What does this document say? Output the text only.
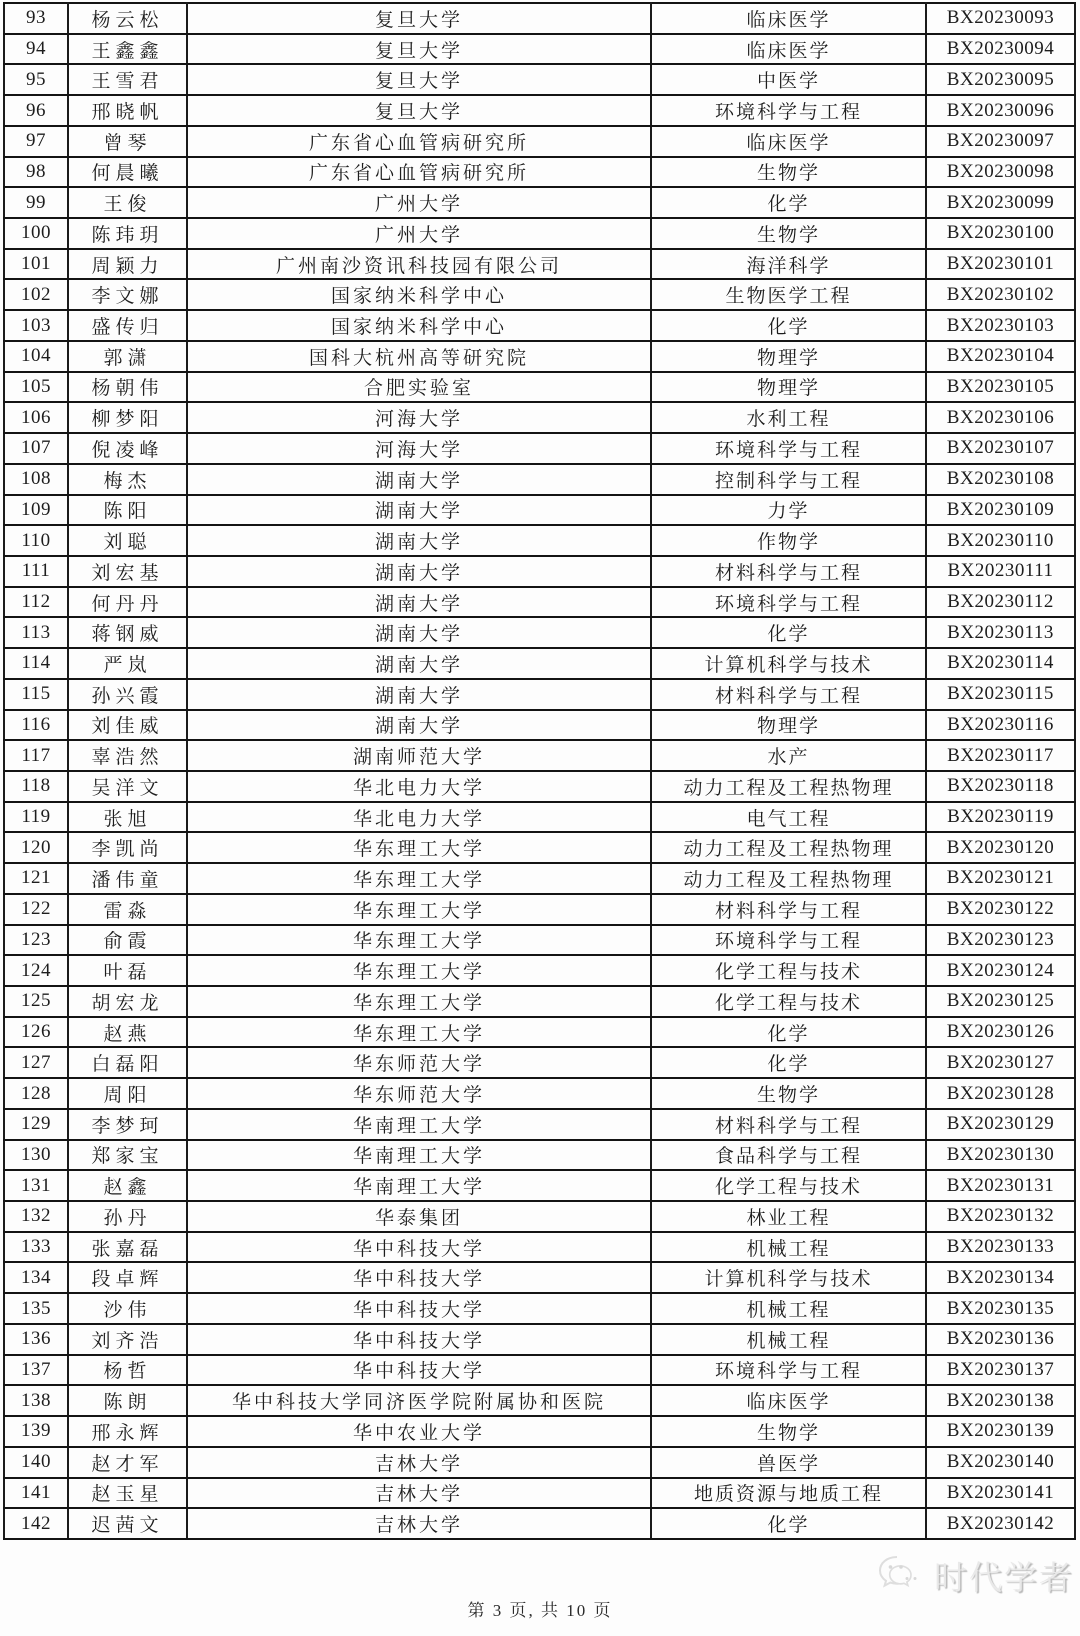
93	杨云松	复旦大学	临床医学	BX20230093
94	王鑫鑫	复旦大学	临床医学	BX20230094
95	王雪君	复旦大学	中医学	BX20230095
96	邢晓帆	复旦大学	环境科学与工程	BX20230096
97	曾琴	广东省心血管病研究所	临床医学	BX20230097
98	何晨曦	广东省心血管病研究所	生物学	BX20230098
99	王俊	广州大学	化学	BX20230099
100	陈玮玥	广州大学	生物学	BX20230100
101	周颖力	广州南沙资讯科技园有限公司	海洋科学	BX20230101
102	李文娜	国家纳米科学中心	生物医学工程	BX20230102
103	盛传归	国家纳米科学中心	化学	BX20230103
104	郭潇	国科大杭州高等研究院	物理学	BX20230104
105	杨朝伟	合肥实验室	物理学	BX20230105
106	柳梦阳	河海大学	水利工程	BX20230106
107	倪凌峰	河海大学	环境科学与工程	BX20230107
108	梅杰	湖南大学	控制科学与工程	BX20230108
109	陈阳	湖南大学	力学	BX20230109
110	刘聪	湖南大学	作物学	BX20230110
111	刘宏基	湖南大学	材料科学与工程	BX20230111
112	何丹丹	湖南大学	环境科学与工程	BX20230112
113	蒋钢威	湖南大学	化学	BX20230113
114	严岚	湖南大学	计算机科学与技术	BX20230114
115	孙兴霞	湖南大学	材料科学与工程	BX20230115
116	刘佳威	湖南大学	物理学	BX20230116
117	辜浩然	湖南师范大学	水产	BX20230117
118	吴洋文	华北电力大学	动力工程及工程热物理	BX20230118
119	张旭	华北电力大学	电气工程	BX20230119
120	李凯尚	华东理工大学	动力工程及工程热物理	BX20230120
121	潘伟童	华东理工大学	动力工程及工程热物理	BX20230121
122	雷淼	华东理工大学	材料科学与工程	BX20230122
123	俞霞	华东理工大学	环境科学与工程	BX20230123
124	叶磊	华东理工大学	化学工程与技术	BX20230124
125	胡宏龙	华东理工大学	化学工程与技术	BX20230125
126	赵燕	华东理工大学	化学	BX20230126
127	白磊阳	华东师范大学	化学	BX20230127
128	周阳	华东师范大学	生物学	BX20230128
129	李梦珂	华南理工大学	材料科学与工程	BX20230129
130	郑家宝	华南理工大学	食品科学与工程	BX20230130
131	赵鑫	华南理工大学	化学工程与技术	BX20230131
132	孙丹	华泰集团	林业工程	BX20230132
133	张嘉磊	华中科技大学	机械工程	BX20230133
134	段卓辉	华中科技大学	计算机科学与技术	BX20230134
135	沙伟	华中科技大学	机械工程	BX20230135
136	刘齐浩	华中科技大学	机械工程	BX20230136
137	杨哲	华中科技大学	环境科学与工程	BX20230137
138	陈朗	华中科技大学同济医学院附属协和医院	临床医学	BX20230138
139	邢永辉	华中农业大学	生物学	BX20230139
140	赵才军	吉林大学	兽医学	BX20230140
141	赵玉星	吉林大学	地质资源与地质工程	BX20230141
142	迟茜文	吉林大学	化学	BX20230142
时代学者
第 3 页, 共 10 页
